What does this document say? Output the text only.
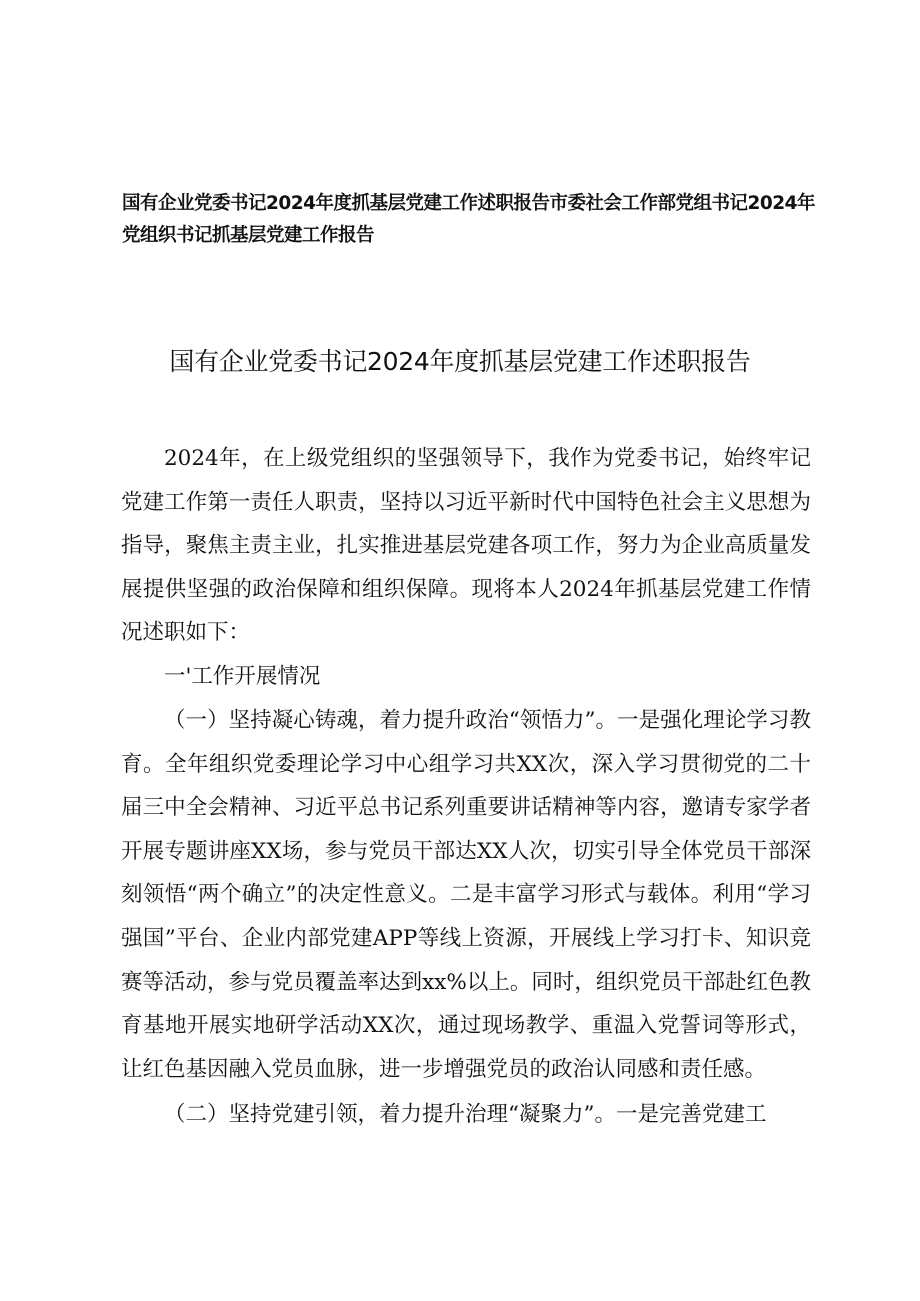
国有企业党委书记2024年度抓基层党建工作述职报告市委社会工作部党组书记2024年
党组织书记抓基层党建工作报告
国有企业党委书记2024年度抓基层党建工作述职报告

2024年，在上级党组织的坚强领导下，我作为党委书记，始终牢记党建工作第一责任人职责，坚持以习近平新时代中国特色社会主义思想为指导，聚焦主责主业，扎实推进基层党建各项工作，努力为企业高质量发展提供坚强的政治保障和组织保障。现将本人2024年抓基层党建工作情况述职如下：

一'工作开展情况

（一）坚持凝心铸魂，着力提升政治“领悟力”。一是强化理论学习教育。全年组织党委理论学习中心组学习共XX次，深入学习贯彻党的二十届三中全会精神、习近平总书记系列重要讲话精神等内容，邀请专家学者开展专题讲座XX场，参与党员干部达XX人次，切实引导全体党员干部深刻领悟“两个确立”的决定性意义。二是丰富学习形式与载体。利用“学习强国”平台、企业内部党建APP等线上资源，开展线上学习打卡、知识竞赛等活动，参与党员覆盖率达到xx%以上。同时，组织党员干部赴红色教育基地开展实地研学活动XX次，通过现场教学、重温入党誓词等形式，让红色基因融入党员血脉，进一步增强党员的政治认同感和责任感。

（二）坚持党建引领，着力提升治理“凝聚力”。一是完善党建工
